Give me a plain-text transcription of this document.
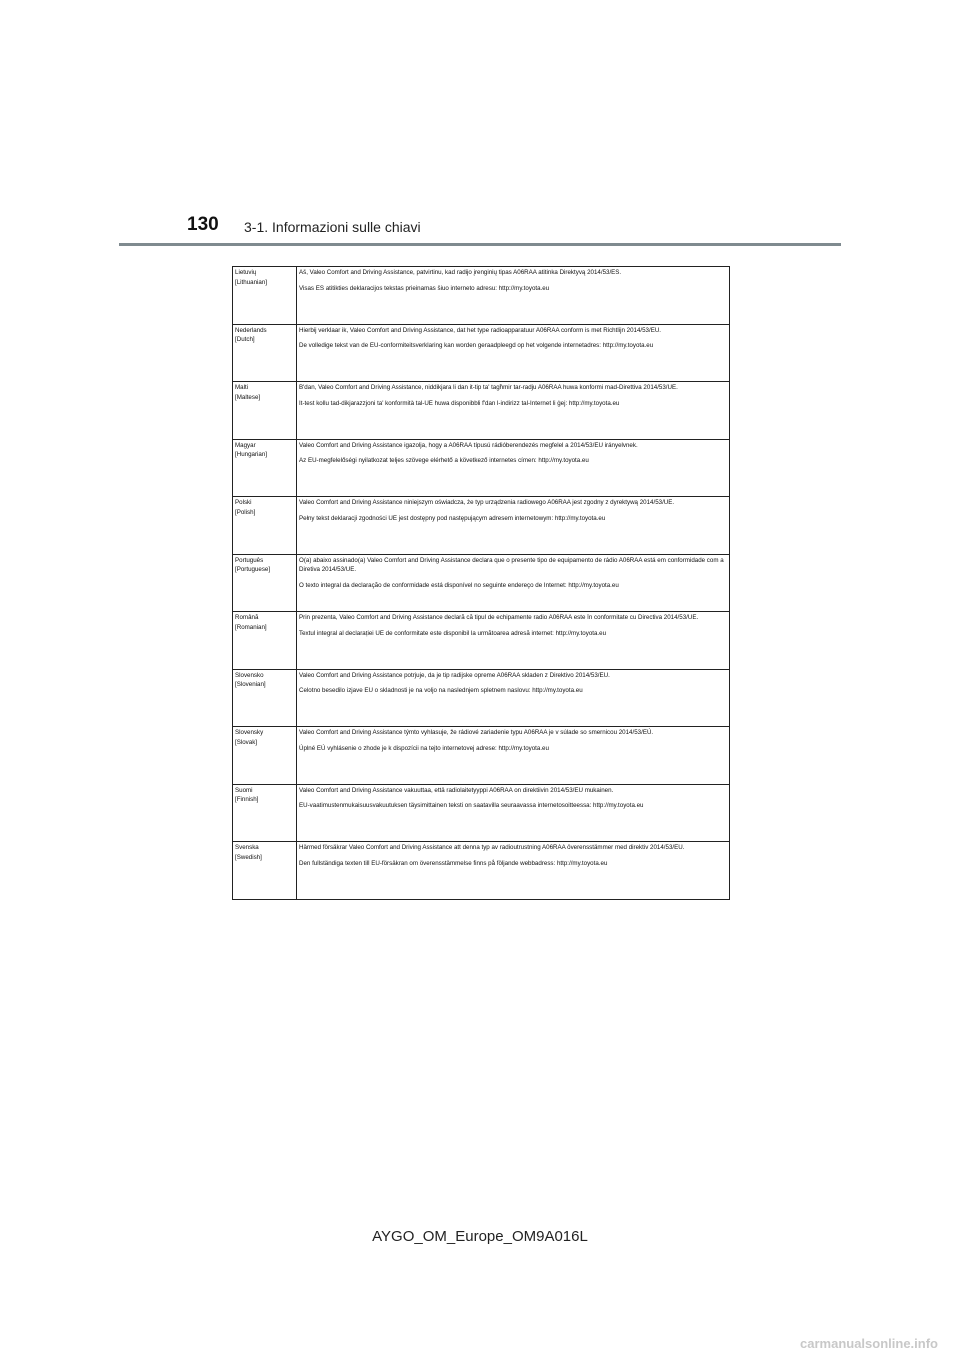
130 3-1. Informazioni sulle chiavi
Lietuvių
[Lithuanian]	Aš, Valeo Comfort and Driving Assistance, patvirtinu, kad radijo įrenginių tipas A06RAA atitinka Direktyvą 2014/53/ES.
Visas ES atitikties deklaracijos tekstas prieinamas šiuo interneto adresu: http://my.toyota.eu

Nederlands
[Dutch]	Hierbij verklaar ik, Valeo Comfort and Driving Assistance, dat het type radioapparatuur A06RAA conform is met Richtlijn 2014/53/EU.
De volledige tekst van de EU-conformiteitsverklaring kan worden geraadpleegd op het volgende internetadres: http://my.toyota.eu

Malti
[Maltese]	B'dan, Valeo Comfort and Driving Assistance, niddikjara li dan it-tip ta' tagħmir tar-radju A06RAA huwa konformi mad-Direttiva 2014/53/UE.
It-test kollu tad-dikjarazzjoni ta' konformità tal-UE huwa disponibbli f'dan l-indirizz tal-Internet li ġej: http://my.toyota.eu

Magyar
[Hungarian]	Valeo Comfort and Driving Assistance igazolja, hogy a A06RAA típusú rádióberendezés megfelel a 2014/53/EU irányelvnek.
Az EU-megfelelőségi nyilatkozat teljes szövege elérhető a következő internetes címen: http://my.toyota.eu

Polski
[Polish]	Valeo Comfort and Driving Assistance niniejszym oświadcza, że typ urządzenia radiowego A06RAA jest zgodny z dyrektywą 2014/53/UE.
Pełny tekst deklaracji zgodności UE jest dostępny pod następującym adresem internetowym: http://my.toyota.eu

Português
[Portuguese]	O(a) abaixo assinado(a) Valeo Comfort and Driving Assistance declara que o presente tipo de equipamento de rádio A06RAA está em conformidade com a Diretiva 2014/53/UE.
O texto integral da declaração de conformidade está disponível no seguinte endereço de Internet: http://my.toyota.eu

Română
[Romanian]	Prin prezenta, Valeo Comfort and Driving Assistance declară că tipul de echipamente radio A06RAA este în conformitate cu Directiva 2014/53/UE.
Textul integral al declarației UE de conformitate este disponibil la următoarea adresă internet: http://my.toyota.eu

Slovensko
[Slovenian]	Valeo Comfort and Driving Assistance potrjuje, da je tip radijske opreme A06RAA skladen z Direktivo 2014/53/EU.
Celotno besedilo izjave EU o skladnosti je na voljo na naslednjem spletnem naslovu: http://my.toyota.eu

Slovensky
[Slovak]	Valeo Comfort and Driving Assistance týmto vyhlasuje, že rádiové zariadenie typu A06RAA je v súlade so smernicou 2014/53/EÚ.
Úplné EÚ vyhlásenie o zhode je k dispozícii na tejto internetovej adrese: http://my.toyota.eu

Suomi
[Finnish]	Valeo Comfort and Driving Assistance vakuuttaa, että radiolaitetyyppi A06RAA on direktiivin 2014/53/EU mukainen.
EU-vaatimustenmukaisuusvakuutuksen täysimittainen teksti on saatavilla seuraavassa internetosoitteessa: http://my.toyota.eu

Svenska
[Swedish]	Härmed försäkrar Valeo Comfort and Driving Assistance att denna typ av radioutrustning A06RAA överensstämmer med direktiv 2014/53/EU.
Den fullständiga texten till EU-försäkran om överensstämmelse finns på följande webbadress: http://my.toyota.eu
AYGO_OM_Europe_OM9A016L
carmanualsonline.info
